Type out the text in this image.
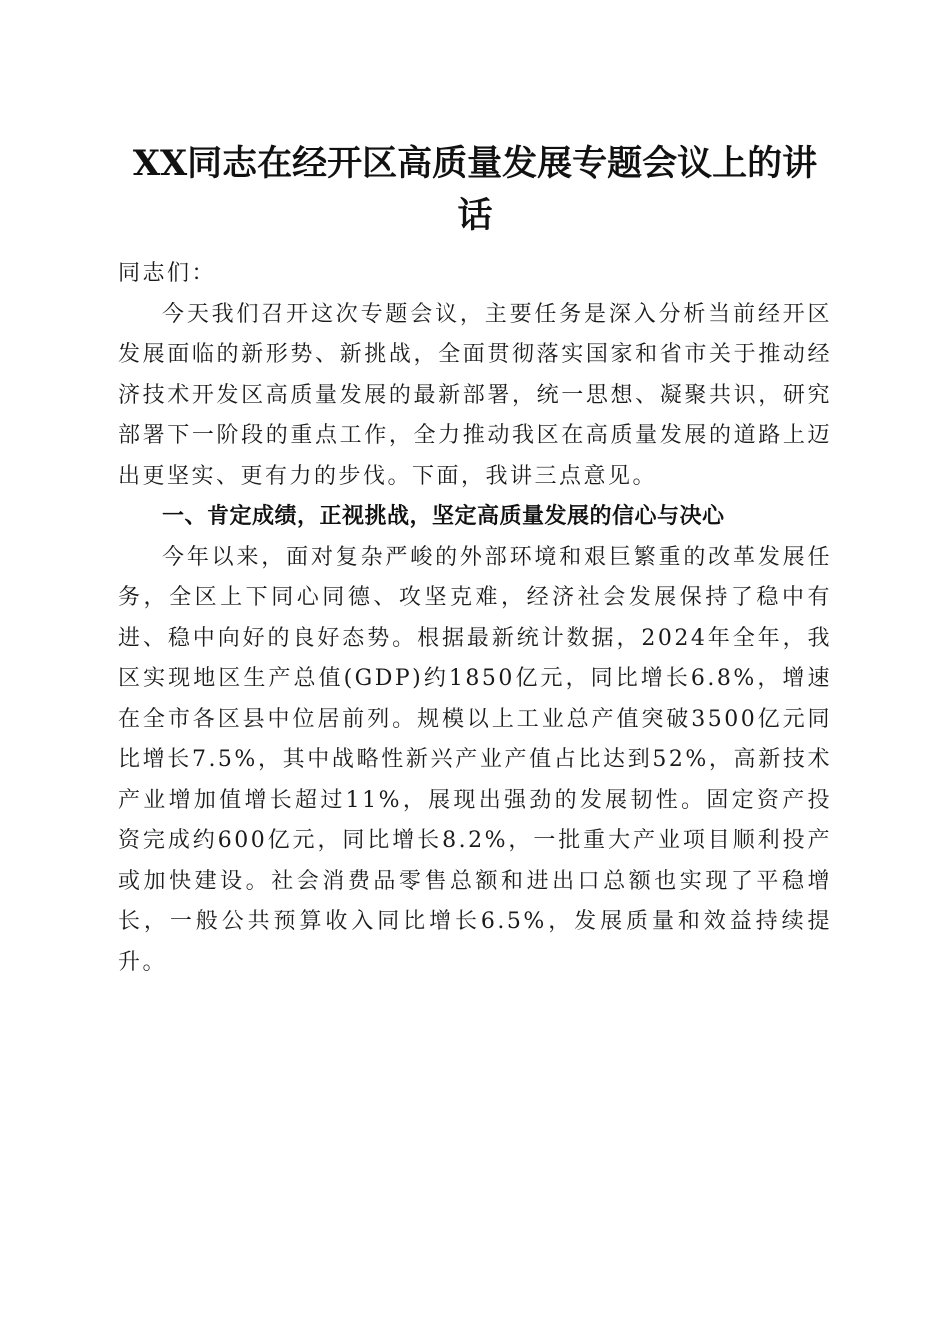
XX同志在经开区高质量发展专题会议上的讲话

同志们：

今天我们召开这次专题会议，主要任务是深入分析当前经开区发展面临的新形势、新挑战，全面贯彻落实国家和省市关于推动经济技术开发区高质量发展的最新部署，统一思想、凝聚共识，研究部署下一阶段的重点工作，全力推动我区在高质量发展的道路上迈出更坚实、更有力的步伐。下面，我讲三点意见。

一、肯定成绩，正视挑战，坚定高质量发展的信心与决心

今年以来，面对复杂严峻的外部环境和艰巨繁重的改革发展任务，全区上下同心同德、攻坚克难，经济社会发展保持了稳中有进、稳中向好的良好态势。根据最新统计数据，2024年全年，我区实现地区生产总值(GDP)约1850亿元，同比增长6.8%，增速在全市各区县中位居前列。规模以上工业总产值突破3500亿元同比增长7.5%，其中战略性新兴产业产值占比达到52%，高新技术产业增加值增长超过11%，展现出强劲的发展韧性。固定资产投资完成约600亿元，同比增长8.2%，一批重大产业项目顺利投产或加快建设。社会消费品零售总额和进出口总额也实现了平稳增长，一般公共预算收入同比增长6.5%，发展质量和效益持续提升。
